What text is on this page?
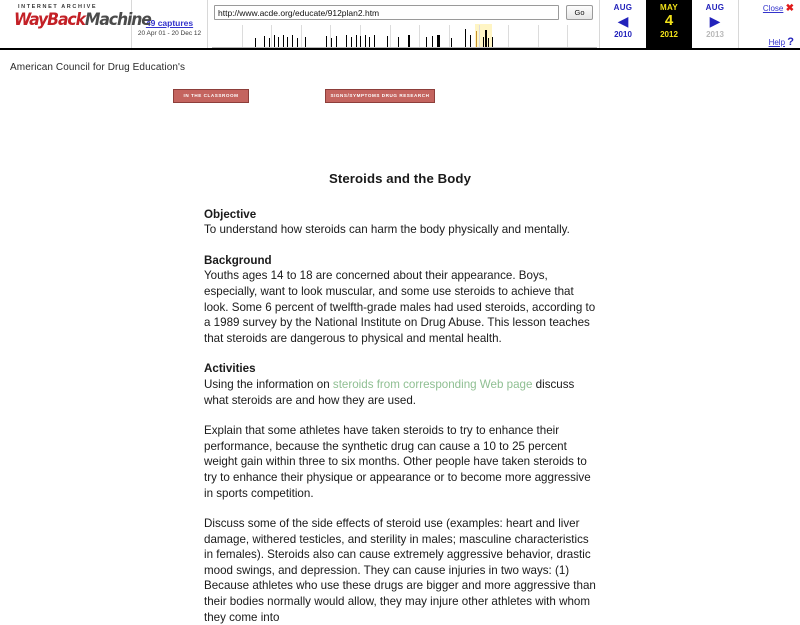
INTERNET ARCHIVE
WayBackMachine
49 captures
20 Apr 01 - 20 Dec 12
http://www.acde.org/educate/912plan2.htm
Go
AUG
◀
2010
MAY
4
2012
AUG
▶
2013
Close ✖
Help ?
American Council for Drug Education's
IN THE CLASSROOM	SIGNS/SYMPTOMS DRUG RESEARCH
Steroids and the Body
Objective

To understand how steroids can harm the body physically and mentally.

Background

Youths ages 14 to 18 are concerned about their appearance. Boys, especially, want to look muscular, and some use steroids to achieve that look. Some 6 percent of twelfth-grade males had used steroids, according to a 1989 survey by the National Institute on Drug Abuse. This lesson teaches that steroids are dangerous to physical and mental health.

Activities

Using the information on steroids from corresponding Web page discuss what steroids are and how they are used.

Explain that some athletes have taken steroids to try to enhance their performance, because the synthetic drug can cause a 10 to 25 percent weight gain within three to six months. Other people have taken steroids to try to enhance their physique or appearance or to become more aggressive in sports competition.

Discuss some of the side effects of steroid use (examples: heart and liver damage, withered testicles, and sterility in males; masculine characteristics in females). Steroids also can cause extremely aggressive behavior, drastic mood swings, and depression. They can cause injuries in two ways: (1) Because athletes who use these drugs are bigger and more aggressive than their bodies normally would allow, they may injure other athletes with whom they come into
